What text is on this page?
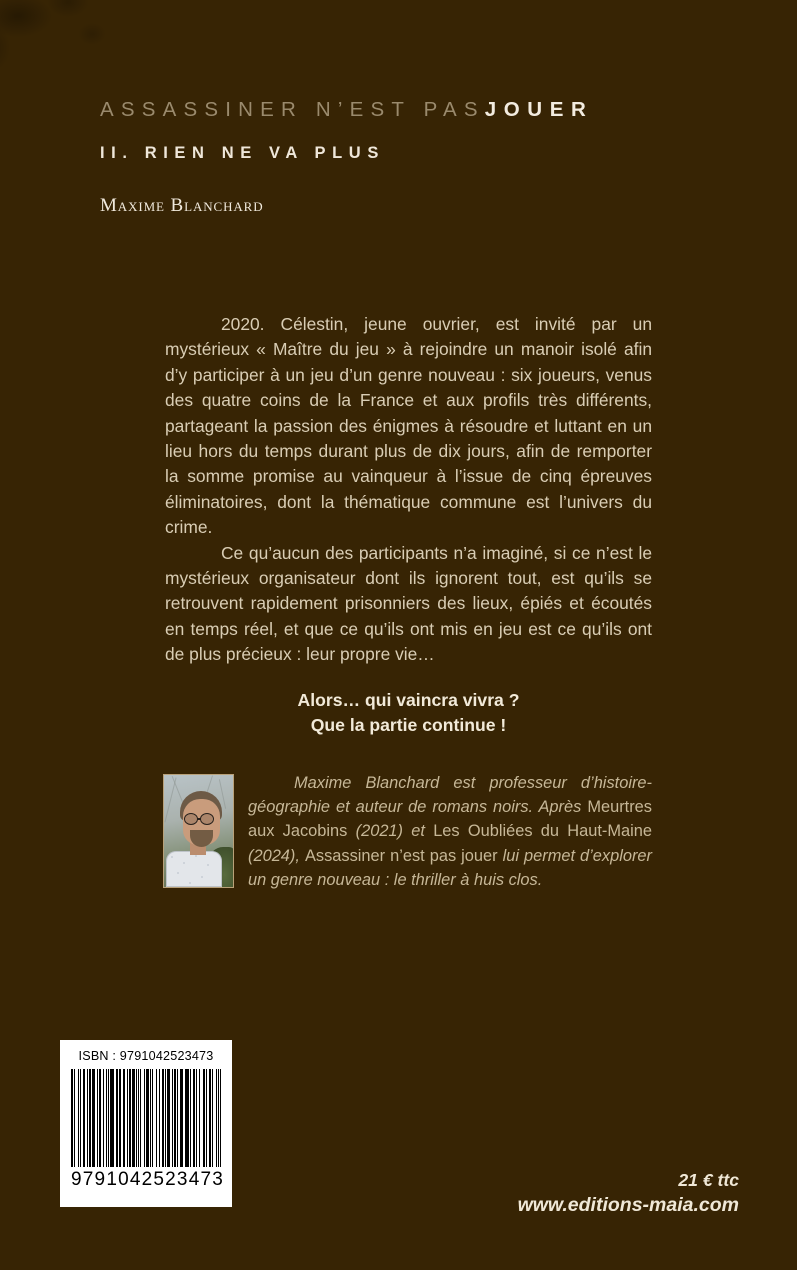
ASSASSINER N’EST PASJOUER
II. RIEN NE VA PLUS
Maxime Blanchard

2020. Célestin, jeune ouvrier, est invité par un mystérieux « Maître du jeu » à rejoindre un manoir isolé afin d’y participer à un jeu d’un genre nouveau : six joueurs, venus des quatre coins de la France et aux profils très différents, partageant la passion des énigmes à résoudre et luttant en un lieu hors du temps durant plus de dix jours, afin de remporter la somme promise au vainqueur à l’issue de cinq épreuves éliminatoires, dont la thématique commune est l’univers du crime.

Ce qu’aucun des participants n’a imaginé, si ce n’est le mystérieux organisateur dont ils ignorent tout, est qu’ils se retrouvent rapidement prisonniers des lieux, épiés et écoutés en temps réel, et que ce qu’ils ont mis en jeu est ce qu’ils ont de plus précieux : leur propre vie…

Alors… qui vaincra vivra ?
Que la partie continue !
Maxime Blanchard est professeur d’histoire-géographie et auteur de romans noirs. Après Meurtres aux Jacobins (2021) et Les Oubliées du Haut-Maine (2024), Assassiner n’est pas jouer lui permet d’explorer un genre nouveau : le thriller à huis clos.
ISBN : 9791042523473
9 791042 523473	21 € ttc
www.editions-maia.com
